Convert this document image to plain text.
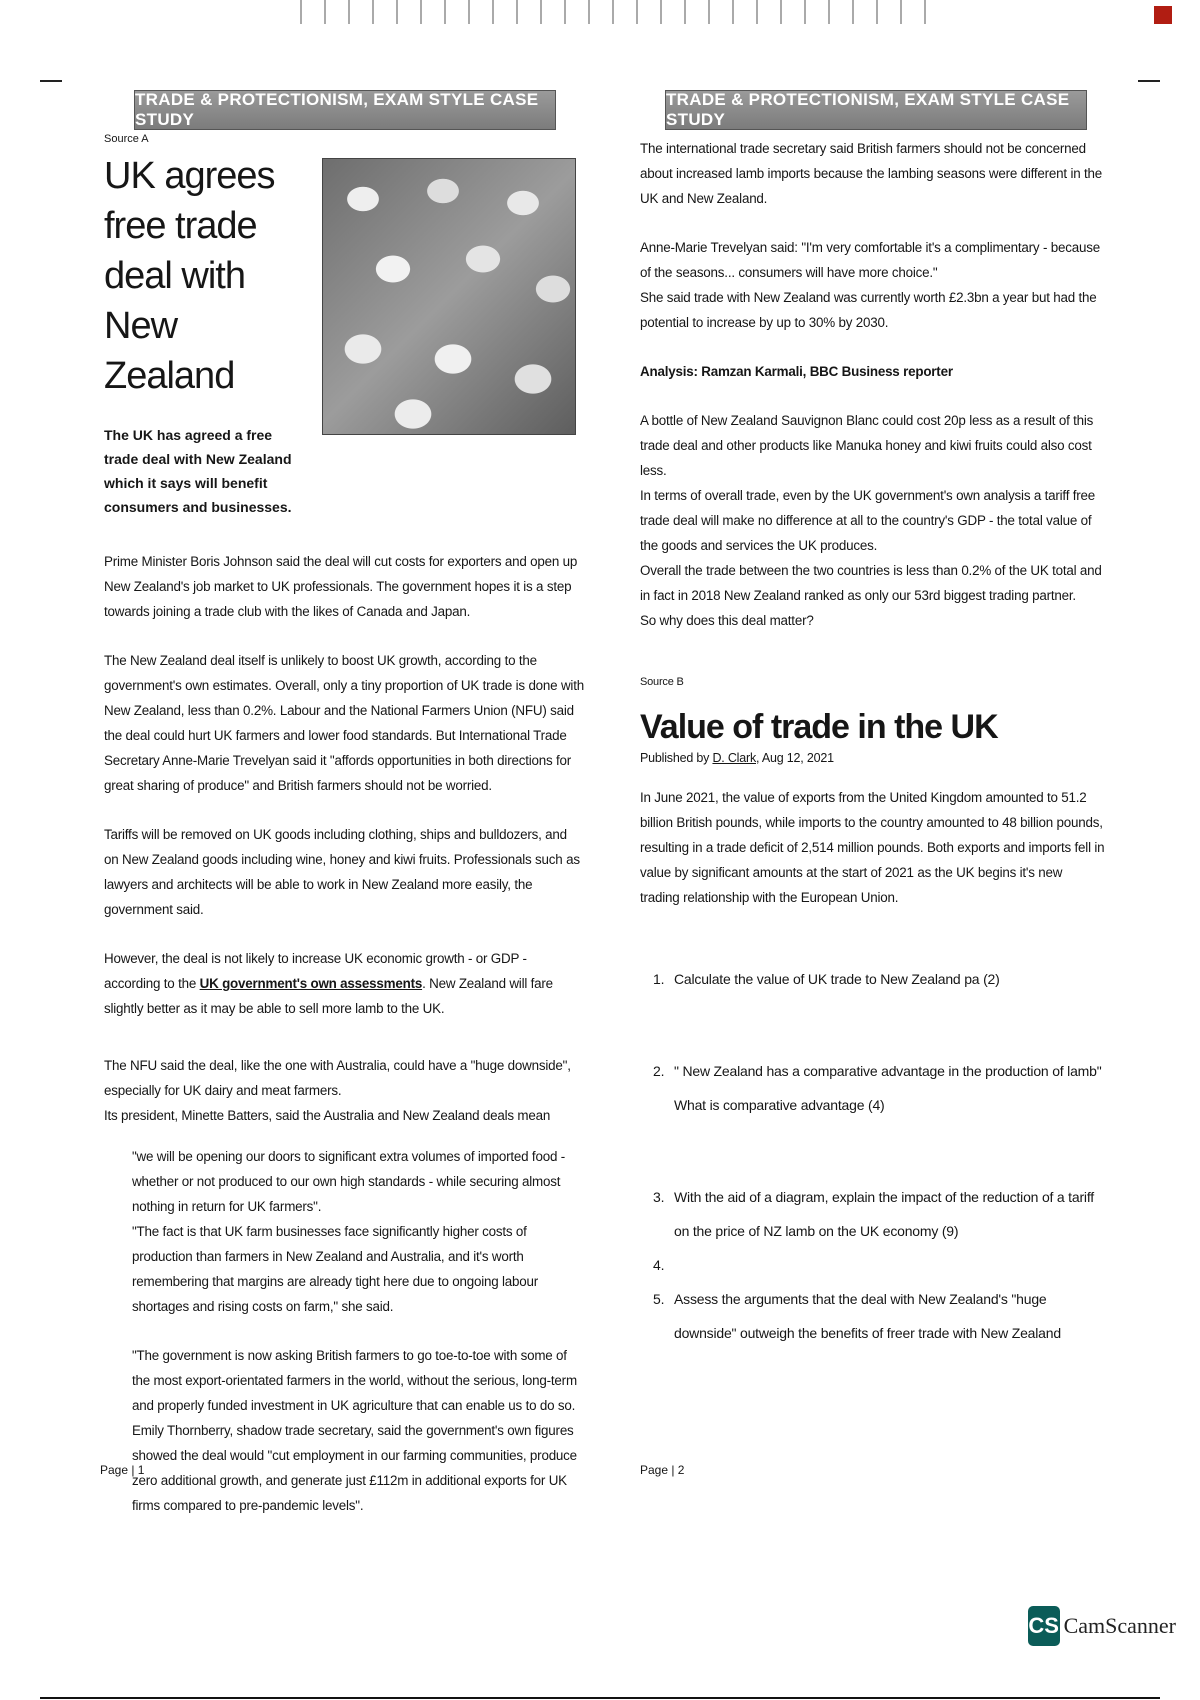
TRADE & PROTECTIONISM, EXAM STYLE CASE STUDY
Source A
UK agrees free trade deal with New Zealand
The UK has agreed a free trade deal with New Zealand which it says will benefit consumers and businesses.

Prime Minister Boris Johnson said the deal will cut costs for exporters and open up New Zealand's job market to UK professionals. The government hopes it is a step towards joining a trade club with the likes of Canada and Japan.

The New Zealand deal itself is unlikely to boost UK growth, according to the government's own estimates. Overall, only a tiny proportion of UK trade is done with New Zealand, less than 0.2%. Labour and the National Farmers Union (NFU) said the deal could hurt UK farmers and lower food standards. But International Trade Secretary Anne-Marie Trevelyan said it "affords opportunities in both directions for great sharing of produce" and British farmers should not be worried.

Tariffs will be removed on UK goods including clothing, ships and bulldozers, and on New Zealand goods including wine, honey and kiwi fruits. Professionals such as lawyers and architects will be able to work in New Zealand more easily, the government said.

However, the deal is not likely to increase UK economic growth - or GDP - according to the UK government's own assessments. New Zealand will fare slightly better as it may be able to sell more lamb to the UK.

The NFU said the deal, like the one with Australia, could have a "huge downside", especially for UK dairy and meat farmers.

Its president, Minette Batters, said the Australia and New Zealand deals mean

"we will be opening our doors to significant extra volumes of imported food - whether or not produced to our own high standards - while securing almost nothing in return for UK farmers".

"The fact is that UK farm businesses face significantly higher costs of production than farmers in New Zealand and Australia, and it's worth remembering that margins are already tight here due to ongoing labour shortages and rising costs on farm," she said.

"The government is now asking British farmers to go toe-to-toe with some of the most export-orientated farmers in the world, without the serious, long-term and properly funded investment in UK agriculture that can enable us to do so.

Emily Thornberry, shadow trade secretary, said the government's own figures showed the deal would "cut employment in our farming communities, produce zero additional growth, and generate just £112m in additional exports for UK firms compared to pre-pandemic levels".

Page | 1
TRADE & PROTECTIONISM, EXAM STYLE CASE STUDY

The international trade secretary said British farmers should not be concerned about increased lamb imports because the lambing seasons were different in the UK and New Zealand.

Anne-Marie Trevelyan said: "I'm very comfortable it's a complimentary - because of the seasons... consumers will have more choice."

She said trade with New Zealand was currently worth £2.3bn a year but had the potential to increase by up to 30% by 2030.

Analysis: Ramzan Karmali, BBC Business reporter

A bottle of New Zealand Sauvignon Blanc could cost 20p less as a result of this trade deal and other products like Manuka honey and kiwi fruits could also cost less.

In terms of overall trade, even by the UK government's own analysis a tariff free trade deal will make no difference at all to the country's GDP - the total value of the goods and services the UK produces.

Overall the trade between the two countries is less than 0.2% of the UK total and in fact in 2018 New Zealand ranked as only our 53rd biggest trading partner.

So why does this deal matter?

Source B
Value of trade in the UK
Published by D. Clark, Aug 12, 2021

In June 2021, the value of exports from the United Kingdom amounted to 51.2 billion British pounds, while imports to the country amounted to 48 billion pounds, resulting in a trade deficit of 2,514 million pounds. Both exports and imports fell in value by significant amounts at the start of 2021 as the UK begins it's new trading relationship with the European Union.

1. Calculate the value of UK trade to New Zealand pa (2)
2. " New Zealand has a comparative advantage in the production of lamb" What is comparative advantage (4)
3. With the aid of a diagram, explain the impact of the reduction of a tariff on the price of NZ lamb on the UK economy (9)
4.
5. Assess the arguments that the deal with New Zealand's "huge downside" outweigh the benefits of freer trade with New Zealand
Page | 2
CS CamScanner
